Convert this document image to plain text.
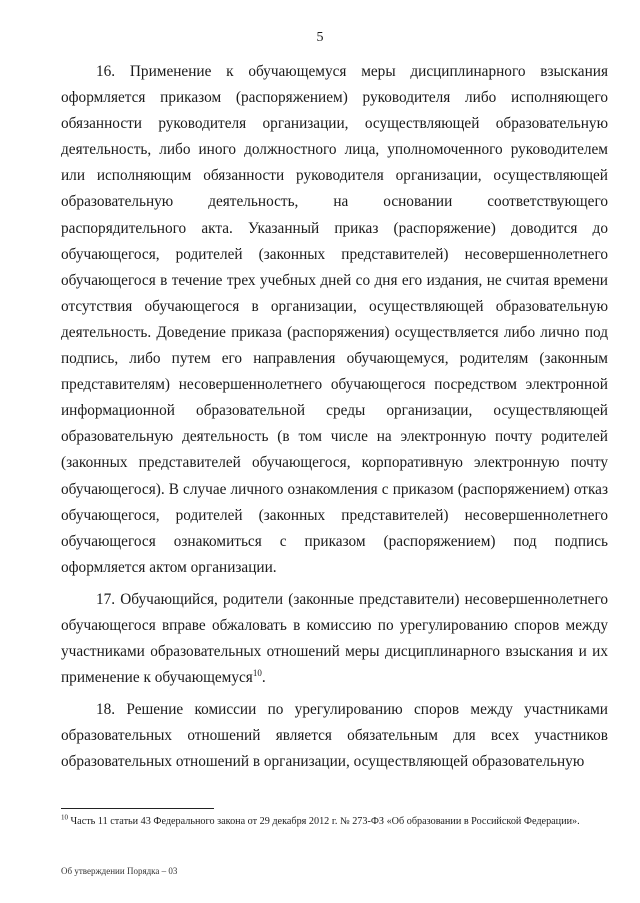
5

16. Применение к обучающемуся меры дисциплинарного взыскания оформляется приказом (распоряжением) руководителя либо исполняющего обязанности руководителя организации, осуществляющей образовательную деятельность, либо иного должностного лица, уполномоченного руководителем или исполняющим обязанности руководителя организации, осуществляющей образовательную деятельность, на основании соответствующего распорядительного акта. Указанный приказ (распоряжение) доводится до обучающегося, родителей (законных представителей) несовершеннолетнего обучающегося в течение трех учебных дней со дня его издания, не считая времени отсутствия обучающегося в организации, осуществляющей образовательную деятельность. Доведение приказа (распоряжения) осуществляется либо лично под подпись, либо путем его направления обучающемуся, родителям (законным представителям) несовершеннолетнего обучающегося посредством электронной информационной образовательной среды организации, осуществляющей образовательную деятельность (в том числе на электронную почту родителей (законных представителей обучающегося, корпоративную электронную почту обучающегося). В случае личного ознакомления с приказом (распоряжением) отказ обучающегося, родителей (законных представителей) несовершеннолетнего обучающегося ознакомиться с приказом (распоряжением) под подпись оформляется актом организации.

17. Обучающийся, родители (законные представители) несовершеннолетнего обучающегося вправе обжаловать в комиссию по урегулированию споров между участниками образовательных отношений меры дисциплинарного взыскания и их применение к обучающемуся$^{10}$.

18. Решение комиссии по урегулированию споров между участниками образовательных отношений является обязательным для всех участников образовательных отношений в организации, осуществляющей образовательную

$^{10}$ Часть 11 статьи 43 Федерального закона от 29 декабря 2012 г. № 273-ФЗ «Об образовании в Российской Федерации».

Об утверждении Порядка – 03
